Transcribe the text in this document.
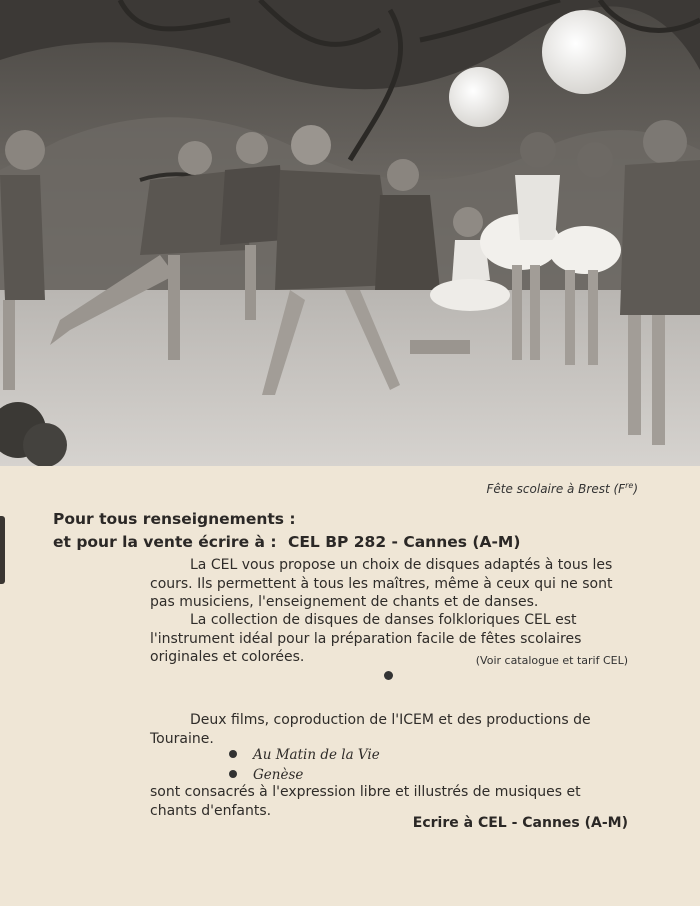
Fête scolaire à Brest $(F^{re})$
Pour tous renseignements :
et pour la vente écrire à : CEL BP 282 - Cannes (A-M)
La CEL vous propose un choix de disques adaptés à tous les cours. Ils permettent à tous les maîtres, même à ceux qui ne sont pas musiciens, l'enseignement de chants et de danses.
La collection de disques de danses folkloriques CEL est l'instrument idéal pour la préparation facile de fêtes scolaires originales et colorées.	(Voir catalogue et tarif CEL)
Deux films, coproduction de l'ICEM et des productions de Touraine.
Au Matin de la Vie
Genèse
sont consacrés à l'expression libre et illustrés de musiques et chants d'enfants.
Ecrire à CEL - Cannes (A-M)
